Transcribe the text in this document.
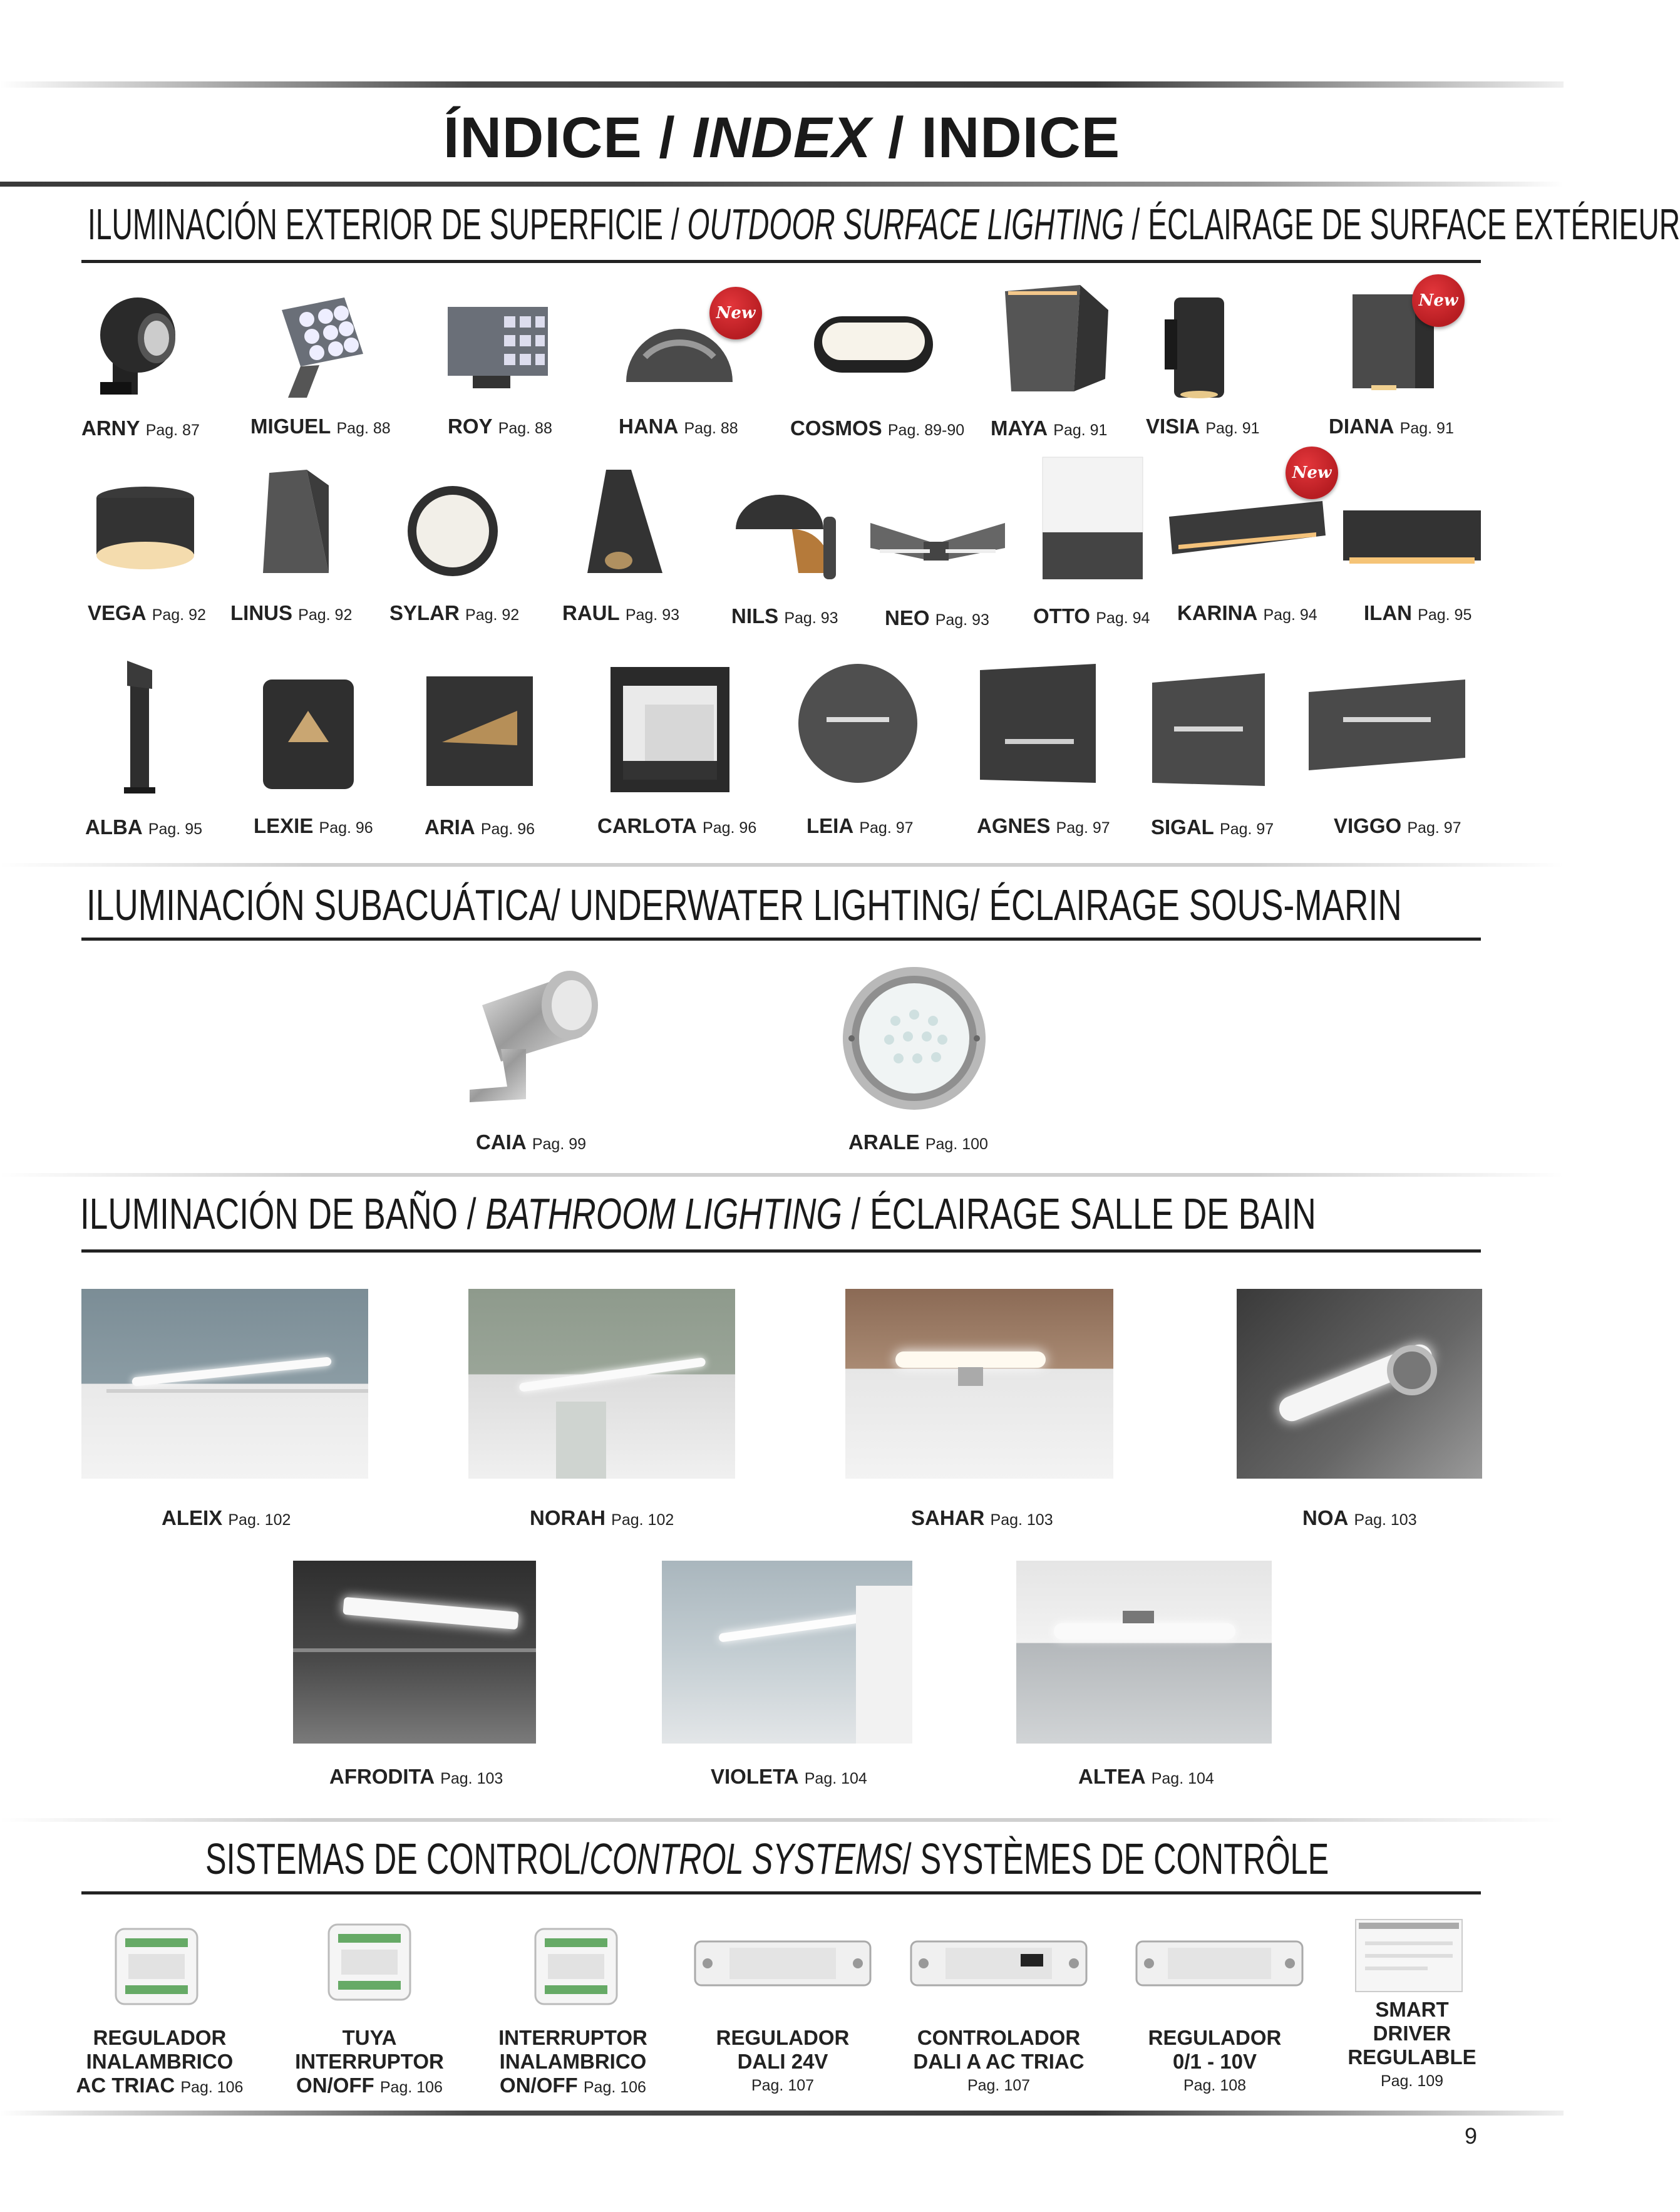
ÍNDICE / INDEX / INDICE
ILUMINACIÓN EXTERIOR DE SUPERFICIE / OUTDOOR SURFACE LIGHTING / ÉCLAIRAGE DE SURFACE EXTÉRIEUR
New
New
ARNY Pag. 87 MIGUEL Pag. 88	ROY Pag. 88	HANA Pag. 88	COSMOS Pag. 89-90 MAYA Pag. 91 VISIA Pag. 91	DIANA Pag. 91
New
VEGA Pag. 92 LINUS Pag. 92 SYLAR Pag. 92 RAUL Pag. 93	NILS Pag. 93 NEO Pag. 93 OTTO Pag. 94 KARINA Pag. 94 ILAN Pag. 95
ALBA Pag. 95 LEXIE Pag. 96 ARIA Pag. 96	CARLOTA Pag. 96 LEIA Pag. 97	AGNES Pag. 97 SIGAL Pag. 97	VIGGO Pag. 97
ILUMINACIÓN SUBACUÁTICA/ UNDERWATER LIGHTING/ ÉCLAIRAGE SOUS-MARIN
CAIA Pag. 99	ARALE Pag. 100
ILUMINACIÓN DE BAÑO / BATHROOM LIGHTING / ÉCLAIRAGE SALLE DE BAIN
ALEIX Pag. 102	NORAH Pag. 102	SAHAR Pag. 103	NOA Pag. 103
AFRODITA Pag. 103	VIOLETA Pag. 104	ALTEA Pag. 104
SISTEMAS DE CONTROL/CONTROL SYSTEMS/ SYSTÈMES DE CONTRÔLE
REGULADOR
INALAMBRICO
AC TRIAC Pag. 106
TUYA
INTERRUPTOR
ON/OFF Pag. 106
INTERRUPTOR
INALAMBRICO
ON/OFF Pag. 106
REGULADOR
DALI 24V
Pag. 107
CONTROLADOR
DALI A AC TRIAC
Pag. 107
REGULADOR
0/1 - 10V
Pag. 108
SMART
DRIVER
REGULABLE
Pag. 109
9
